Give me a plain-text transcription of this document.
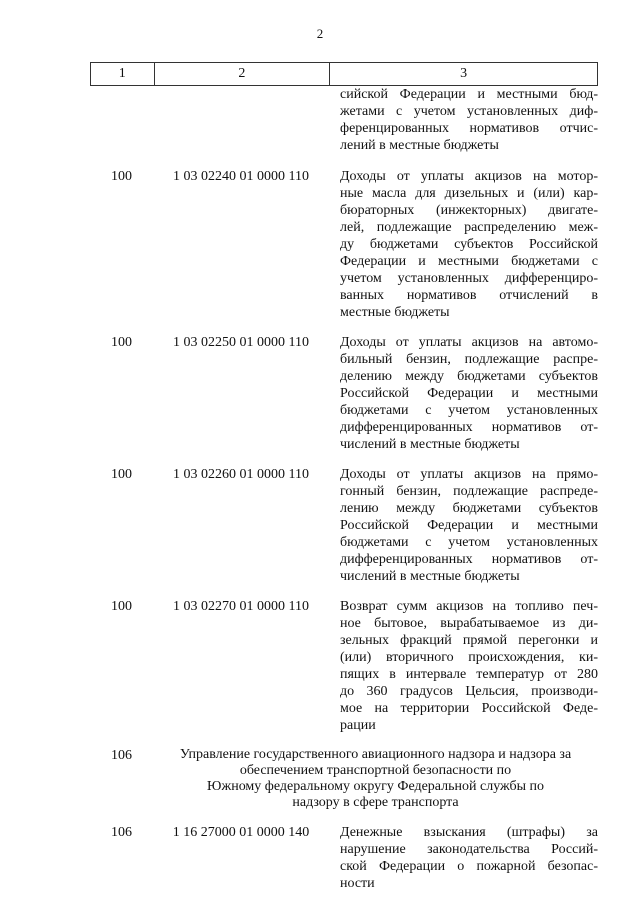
2
1	2	3
сийской Федерации и местными бюд-
жетами с учетом установленных диф-
ференцированных нормативов отчис-
лений в местные бюджеты
100	1 03 02240 01 0000 110	Доходы от уплаты акцизов на мотор-
ные масла для дизельных и (или) кар-
бюраторных (инжекторных) двигате-
лей, подлежащие распределению меж-
ду бюджетами субъектов Российской
Федерации и местными бюджетами с
учетом установленных дифференциро-
ванных нормативов отчислений в
местные бюджеты
100	1 03 02250 01 0000 110	Доходы от уплаты акцизов на автомо-
бильный бензин, подлежащие распре-
делению между бюджетами субъектов
Российской Федерации и местными
бюджетами с учетом установленных
дифференцированных нормативов от-
числений в местные бюджеты
100	1 03 02260 01 0000 110	Доходы от уплаты акцизов на прямо-
гонный бензин, подлежащие распреде-
лению между бюджетами субъектов
Российской Федерации и местными
бюджетами с учетом установленных
дифференцированных нормативов от-
числений в местные бюджеты
100	1 03 02270 01 0000 110	Возврат сумм акцизов на топливо печ-
ное бытовое, вырабатываемое из ди-
зельных фракций прямой перегонки и
(или) вторичного происхождения, ки-
пящих в интервале температур от 280
до 360 градусов Цельсия, производи-
мое на территории Российской Феде-
рации
106	Управление государственного авиационного надзора и надзора за
обеспечением транспортной безопасности по
Южному федеральному округу Федеральной службы по
надзору в сфере транспорта
106	1 16 27000 01 0000 140	Денежные взыскания (штрафы) за
нарушение законодательства Россий-
ской Федерации о пожарной безопас-
ности
